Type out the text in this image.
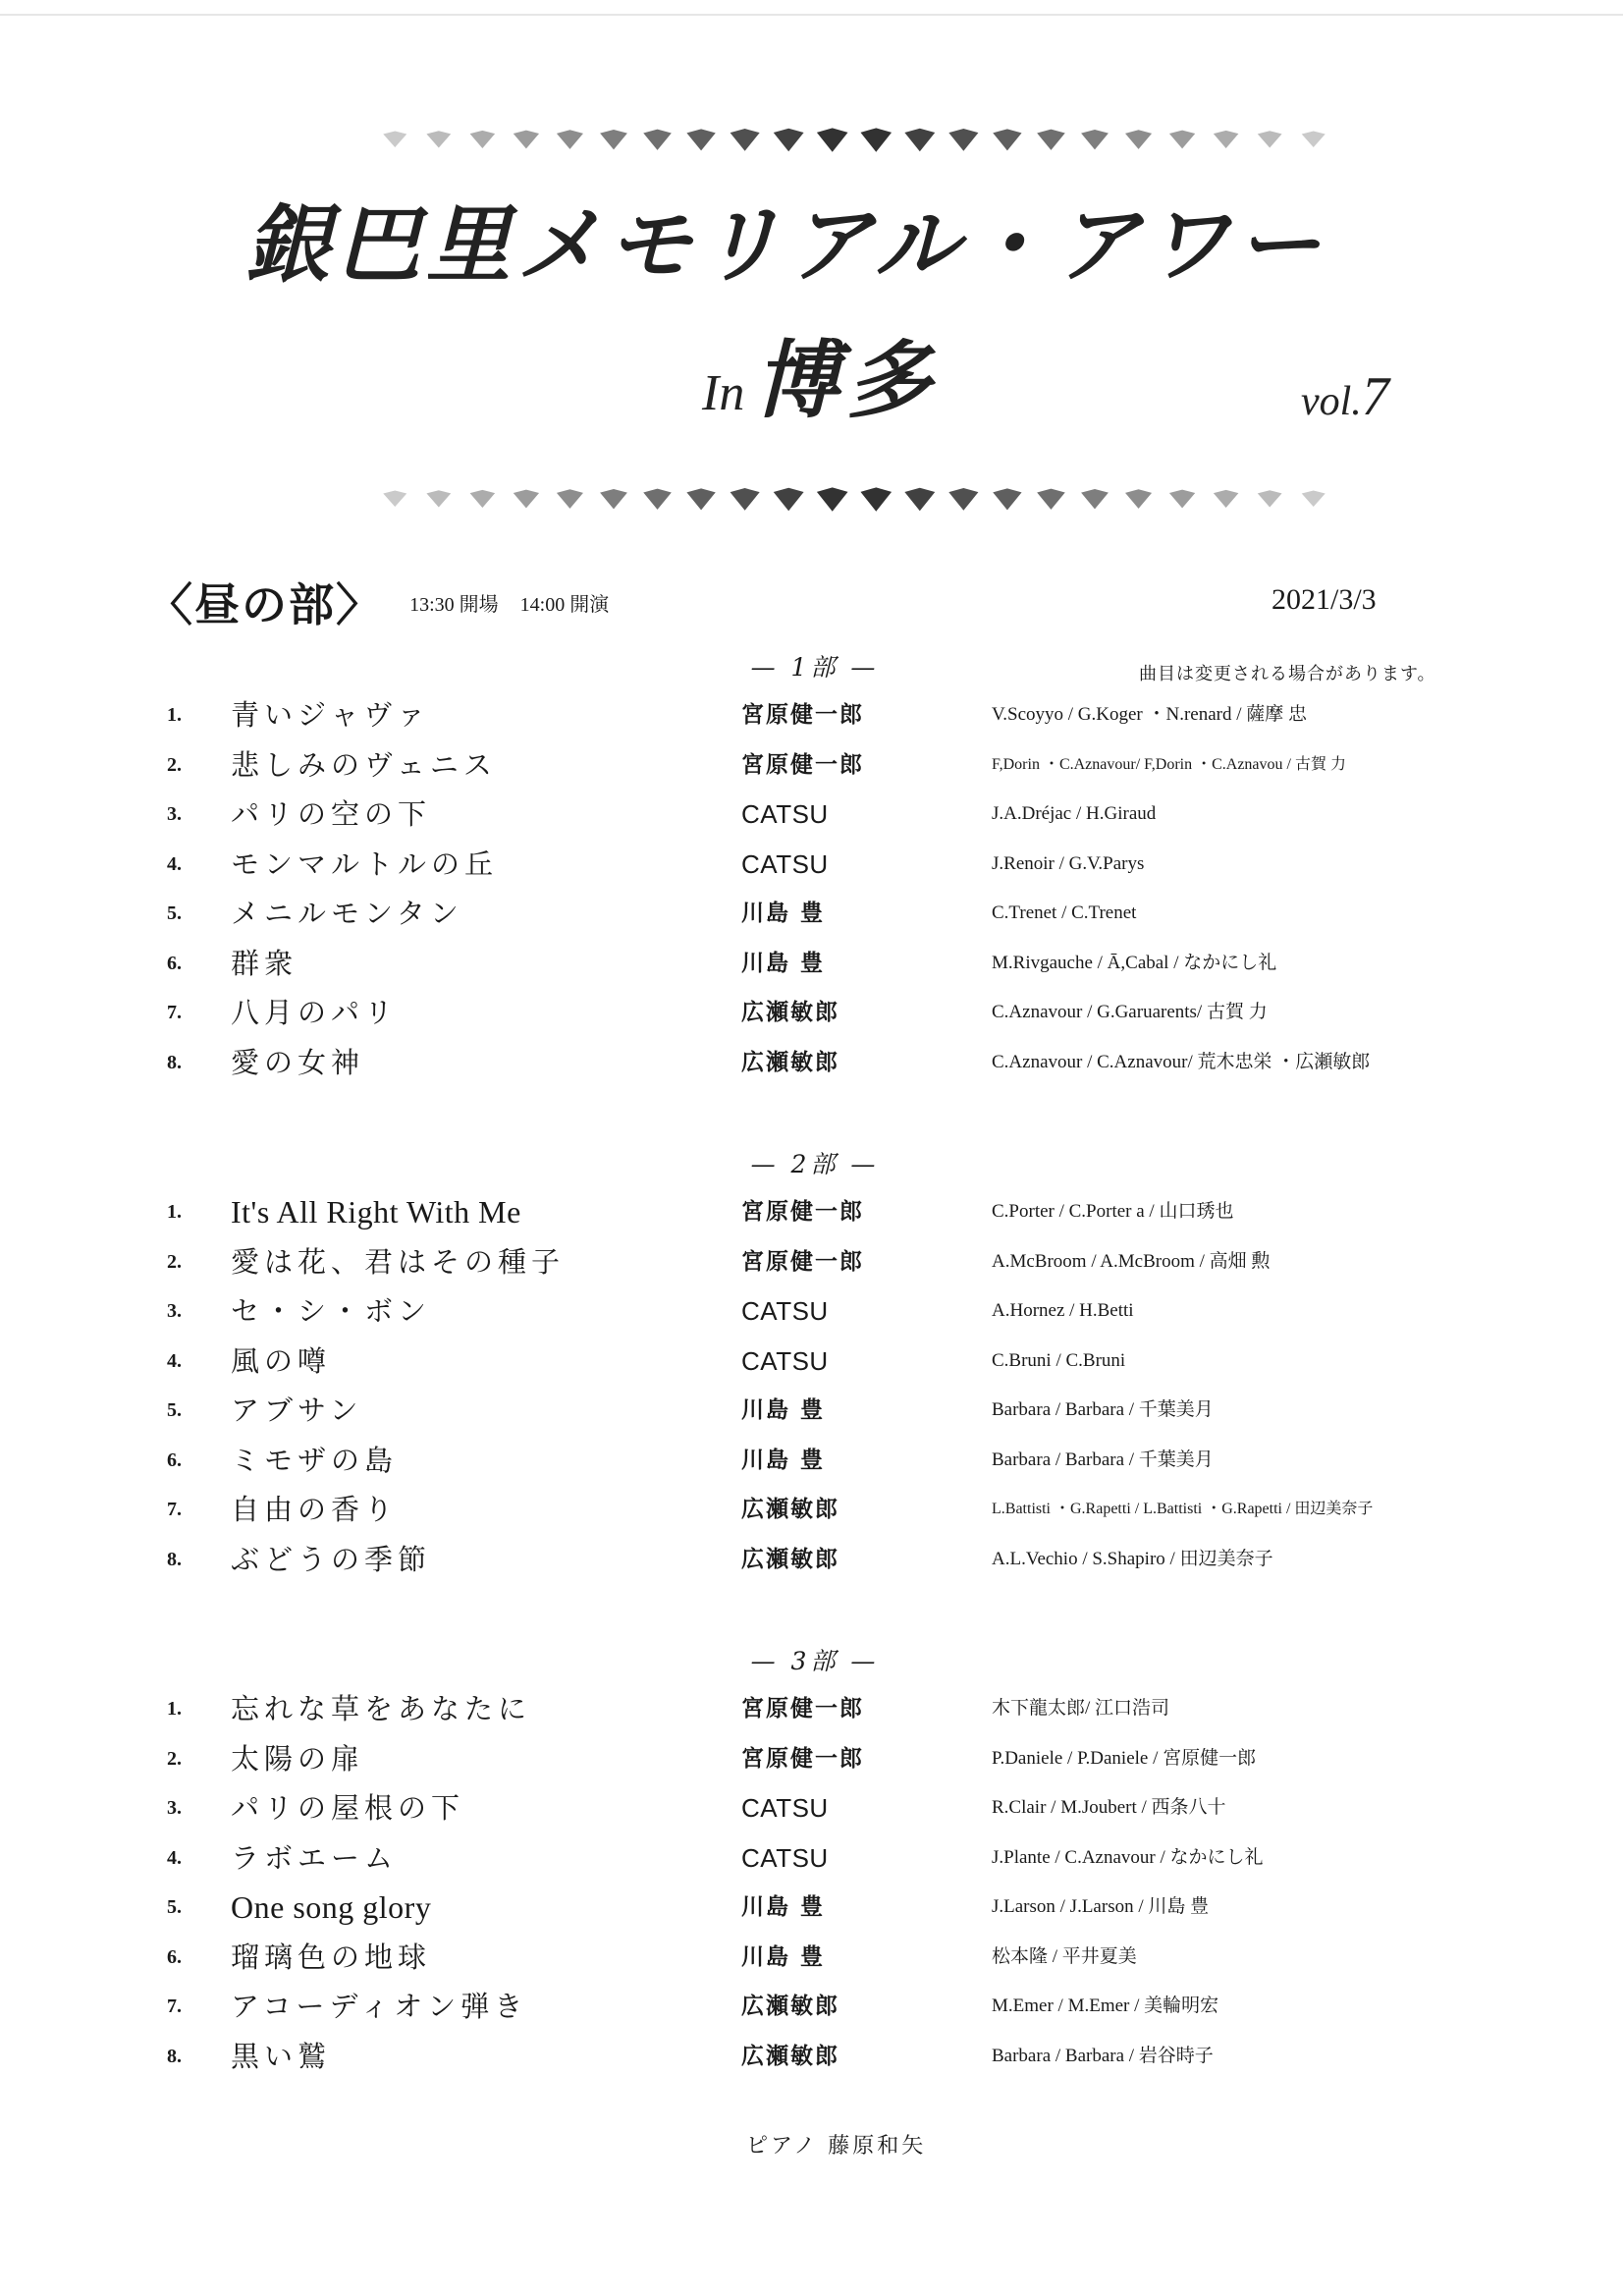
銀巴里メモリアル・アワー
In 博多	vol.7
〈昼の部〉 13:30 開場 14:00 開演	2021/3/3
曲目は変更される場合があります。
— 1部 —
1. 青いジャヴァ	宮原健一郎	V.Scoyyo / G.Koger ・N.renard / 薩摩 忠
2. 悲しみのヴェニス	宮原健一郎	F,Dorin ・C.Aznavour/ F,Dorin ・C.Aznavou / 古賀 力
3. パリの空の下	CATSU	J.A.Dréjac / H.Giraud
4. モンマルトルの丘	CATSU	J.Renoir / G.V.Parys
5. メニルモンタン	川島 豊	C.Trenet / C.Trenet
6. 群衆	川島 豊	M.Rivgauche / Ā,Cabal / なかにし礼
7. 八月のパリ	広瀬敏郎	C.Aznavour / G.Garuarents/ 古賀 力
8. 愛の女神	広瀬敏郎	C.Aznavour / C.Aznavour/ 荒木忠栄 ・広瀬敏郎
— 2部 —
1. It's All Right With Me	宮原健一郎	C.Porter / C.Porter a / 山口琇也
2. 愛は花、君はその種子	宮原健一郎	A.McBroom / A.McBroom / 高畑 勲
3. セ・シ・ボン	CATSU	A.Hornez / H.Betti
4. 風の噂	CATSU	C.Bruni / C.Bruni
5. アブサン	川島 豊	Barbara / Barbara / 千葉美月
6. ミモザの島	川島 豊	Barbara / Barbara / 千葉美月
7. 自由の香り	広瀬敏郎	L.Battisti ・G.Rapetti / L.Battisti ・G.Rapetti / 田辺美奈子
8. ぶどうの季節	広瀬敏郎	A.L.Vechio / S.Shapiro / 田辺美奈子
— 3部 —
1. 忘れな草をあなたに	宮原健一郎	木下龍太郎/ 江口浩司
2. 太陽の扉	宮原健一郎	P.Daniele / P.Daniele / 宮原健一郎
3. パリの屋根の下	CATSU	R.Clair / M.Joubert / 西条八十
4. ラボエーム	CATSU	J.Plante / C.Aznavour / なかにし礼
5. One song glory	川島 豊	J.Larson / J.Larson / 川島 豊
6. 瑠璃色の地球	川島 豊	松本隆 / 平井夏美
7. アコーディオン弾き	広瀬敏郎	M.Emer / M.Emer / 美輪明宏
8. 黒い鷲	広瀬敏郎	Barbara / Barbara / 岩谷時子
ピアノ 藤原和矢
